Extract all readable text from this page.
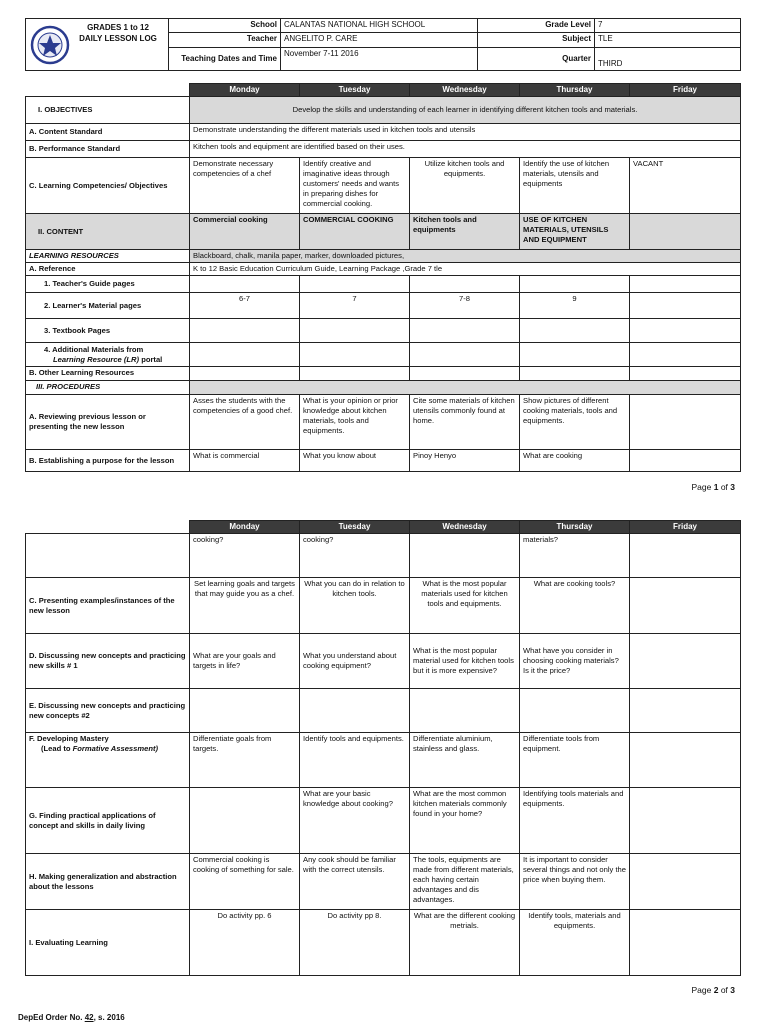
GRADES 1 to 12
DAILY LESSON LOG	School	CALANTAS NATIONAL HIGH SCHOOL	Grade Level	7
	Teacher	ANGELITO P. CARE	Subject	TLE
	Teaching Dates and Time	November 7-11 2016	Quarter	THIRD
	Monday	Tuesday	Wednesday	Thursday	Friday
I. OBJECTIVES	Develop the skills and understanding of each learner in identifying different kitchen tools and materials.				
A. Content Standard	Demonstrate understanding the different materials used in kitchen tools and utensils				
B. Performance Standard	Kitchen tools and equipment are identified based on their uses.				
C. Learning Competencies/ Objectives	Demonstrate necessary competencies of a chef	Identify creative and imaginative ideas through customers' needs and wants in preparing dishes for commercial cooking.	Utilize kitchen tools and equipments.	Identify the use of kitchen materials, utensils and equipments	VACANT
II. CONTENT	Commercial cooking	COMMERCIAL COOKING	Kitchen tools and equipments	USE OF KITCHEN MATERIALS, UTENSILS AND EQUIPMENT	
LEARNING RESOURCES	Blackboard, chalk, manila paper, marker, downloaded pictures,				
A. Reference	K to 12 Basic Education Curriculum Guide, Learning Package ,Grade 7 tle				
1. Teacher's Guide pages					
2. Learner's Material pages	6-7	7	7-8	9	
3. Textbook Pages					
4. Additional Materials from
Learning Resource (LR) portal					
B. Other Learning Resources					
III. PROCEDURES					
A. Reviewing previous lesson or presenting the new lesson	Asses the students with the competencies of a good chef.	What is your opinion or prior knowledge about kitchen materials, tools and equipments.	Cite some materials of kitchen utensils commonly found at home.	Show pictures of different cooking materials, tools and equipments.	
B. Establishing a purpose for the lesson	What is commercial	What you know about	Pinoy Henyo	What are cooking	
Page 1 of 3
	Monday	Tuesday	Wednesday	Thursday	Friday
	cooking?	cooking?		materials?	
C. Presenting examples/instances of the new lesson	Set learning goals and targets that may guide you as a chef.	What you can do in relation to kitchen tools.	What is the most popular materials used for kitchen tools and equipments.	What are cooking tools?	
D. Discussing new concepts and practicing new skills # 1	What are your goals and targets in life?	What you understand about cooking equipment?	What is the most popular material used for kitchen tools but it is more expensive?	What have you consider in choosing cooking materials? Is it the price?	
E. Discussing new concepts and practicing new concepts #2					
F. Developing Mastery
(Lead to Formative Assessment)	Differentiate goals from targets.	Identify tools and equipments.	Differentiate aluminium, stainless and glass.	Differentiate tools from equipment.	
G. Finding practical applications of concept and skills in daily living		What are your basic knowledge about cooking?	What are the most common kitchen materials commonly found in your home?	Identifying tools materials and equipments.	
H. Making generalization and abstraction about the lessons	Commercial cooking is cooking of something for sale.	Any cook should be familiar with the correct utensils.	The tools, equipments are made from different materials, each having certain advantages and dis advantages.	It is important to consider several things and not only the price when buying them.	
I. Evaluating Learning	Do activity pp. 6	Do activity pp 8.	What are the different cooking metrials.	Identify tools, materials and equipments.	
Page 2 of 3
DepEd Order No. 42, s. 2016
